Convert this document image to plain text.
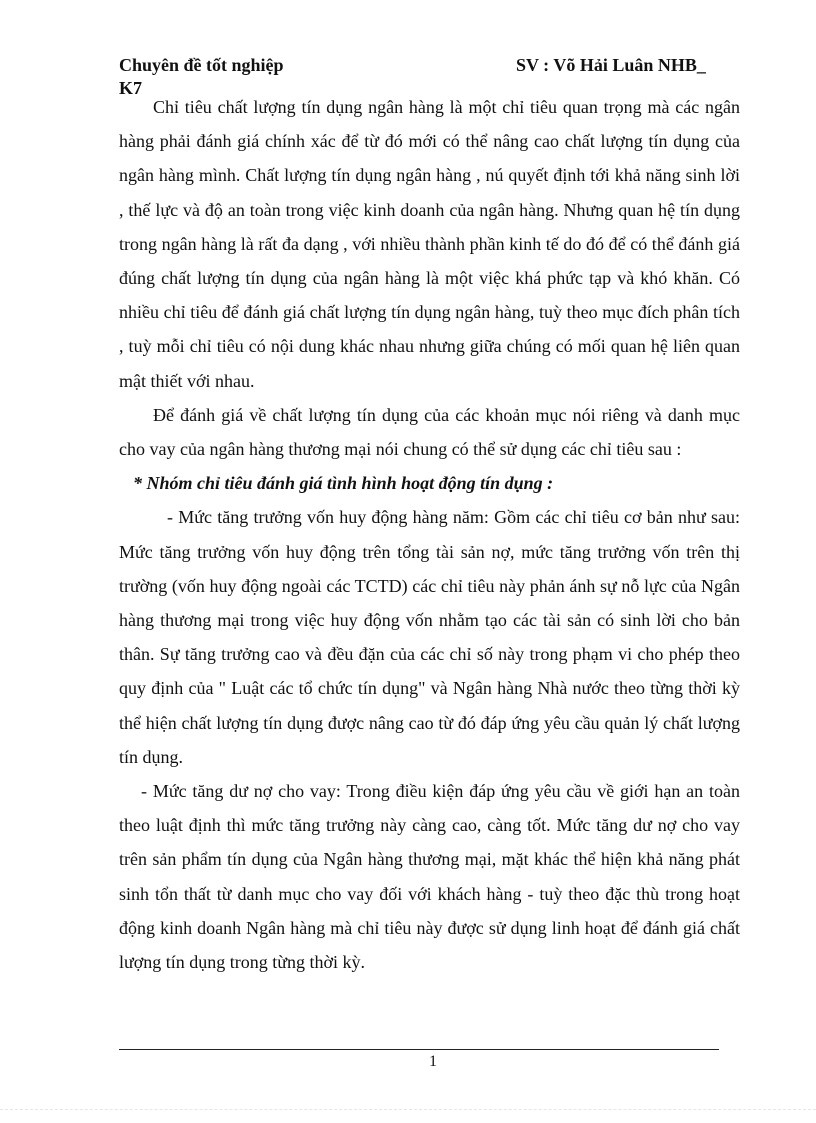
Chuyên đề tốt nghiệp	SV : Võ Hải Luân NHB_
K7

Chỉ tiêu chất lượng tín dụng ngân hàng là một chỉ tiêu quan trọng mà các ngân hàng phải đánh giá chính xác để từ đó mới có thể nâng cao chất lượng tín dụng của ngân hàng mình. Chất lượng tín dụng ngân hàng , nú quyết định tới khả năng sinh lời , thế lực và độ an toàn trong việc kinh doanh của ngân hàng. Nhưng quan hệ tín dụng trong ngân hàng là rất đa dạng , với nhiều thành phần kinh tế do đó để có thể đánh giá đúng chất lượng tín dụng của ngân hàng là một việc khá phức tạp và khó khăn. Có nhiều chỉ tiêu để đánh giá chất lượng tín dụng ngân hàng, tuỳ theo mục đích phân tích , tuỳ mỗi chỉ tiêu có nội dung khác nhau nhưng giữa chúng có mối quan hệ liên quan mật thiết với nhau.

Để đánh giá về chất lượng tín dụng của các khoản mục nói riêng và danh mục cho vay của ngân hàng thương mại nói chung có thể sử dụng các chỉ tiêu sau :

* Nhóm chỉ tiêu đánh giá tình hình hoạt động tín dụng :

- Mức tăng trưởng vốn huy động hàng năm: Gồm các chỉ tiêu cơ bản như sau: Mức tăng trưởng vốn huy động trên tổng tài sản nợ, mức tăng trưởng vốn trên thị trường (vốn huy động ngoài các TCTD) các chỉ tiêu này phản ánh sự nỗ lực của Ngân hàng thương mại trong việc huy động vốn nhằm tạo các tài sản có sinh lời cho bản thân. Sự tăng trưởng cao và đều đặn của các chỉ số này trong phạm vi cho phép theo quy định của " Luật các tổ chức tín dụng" và Ngân hàng Nhà nước theo từng thời kỳ thể hiện chất lượng tín dụng được nâng cao từ đó đáp ứng yêu cầu quản lý chất lượng tín dụng.

- Mức tăng dư nợ cho vay: Trong điều kiện đáp ứng yêu cầu về giới hạn an toàn theo luật định thì mức tăng trưởng này càng cao, càng tốt. Mức tăng dư nợ cho vay trên sản phẩm tín dụng của Ngân hàng thương mại, mặt khác thể hiện khả năng phát sinh tổn thất từ danh mục cho vay đối với khách hàng - tuỳ theo đặc thù trong hoạt động kinh doanh Ngân hàng mà chỉ tiêu này được sử dụng linh hoạt để đánh giá chất lượng tín dụng trong từng thời kỳ.

1
